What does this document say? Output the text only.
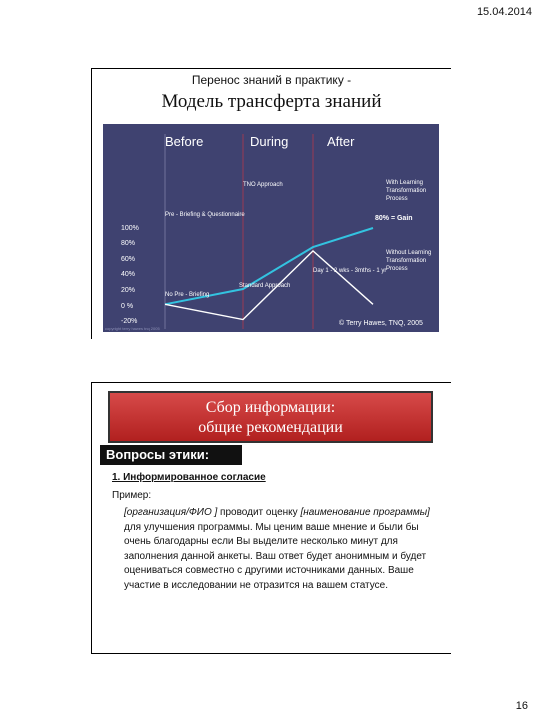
15.04.2014
Перенос знаний в практику -
Модель трансферта знаний
Before	During	After
100%
80%
60%
40%
20%
0 %
-20%
-40%
-60%
TNO Approach
Pre - Briefing & Questionnaire	80% = Gain
Day 1 - 2 wks - 3mths - 1 yr
Standard Approach
No Pre - Briefing
copyright terry hawes tnq 2005
© Terry Hawes, TNQ, 2005
With Learning Transformation Process
Without Learning Transformation Process
Сбор информации:
общие рекомендации
Вопросы этики:
1. Информированное согласие
Пример:
[организация/ФИО ] проводит оценку [наименование программы] для улучшения программы. Мы ценим ваше мнение и были бы очень благодарны если Вы выделите несколько минут для заполнения данной анкеты. Ваш ответ будет анонимным и будет оцениваться совместно с другими источниками данных. Ваше участие в исследовании не отразится на вашем статусе.
16
